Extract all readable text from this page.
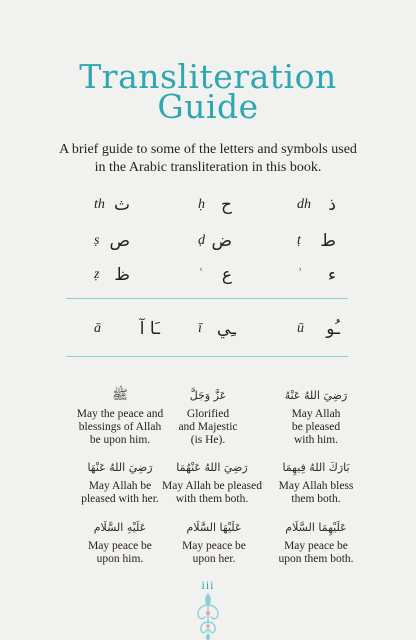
Transliteration
Guide
A brief guide to some of the letters and symbols used
in the Arabic transliteration in this book.
th ث	ḥ ح	dh	ذ
ṣ ص	ḍ ض	ṭ	ط
ẓ ظ	ʿ	ع	ʾ	ء
ā	ـَا آ	ī ـِي	ū	ـُو
ﷺ
May the peace and
blessings of Allah
be upon him.
عَزَّ وَجَلَّ
Glorified
and Majestic
(is He).
رَضِيَ اللهُ عَنْهُ
May Allah
be pleased
with him.
رَضِيَ اللهُ عَنْهَا
May Allah be
pleased with her.
رَضِيَ اللهُ عَنْهُمَا
May Allah be pleased
with them both.
بَارَكَ اللهُ فِيهِمَا
May Allah bless
them both.
عَلَيْهِ السَّلَام
May peace be
upon him.
عَلَيْهَا السَّلَام
May peace be
upon her.
عَلَيْهِمَا السَّلَام
May peace be
upon them both.
iii
